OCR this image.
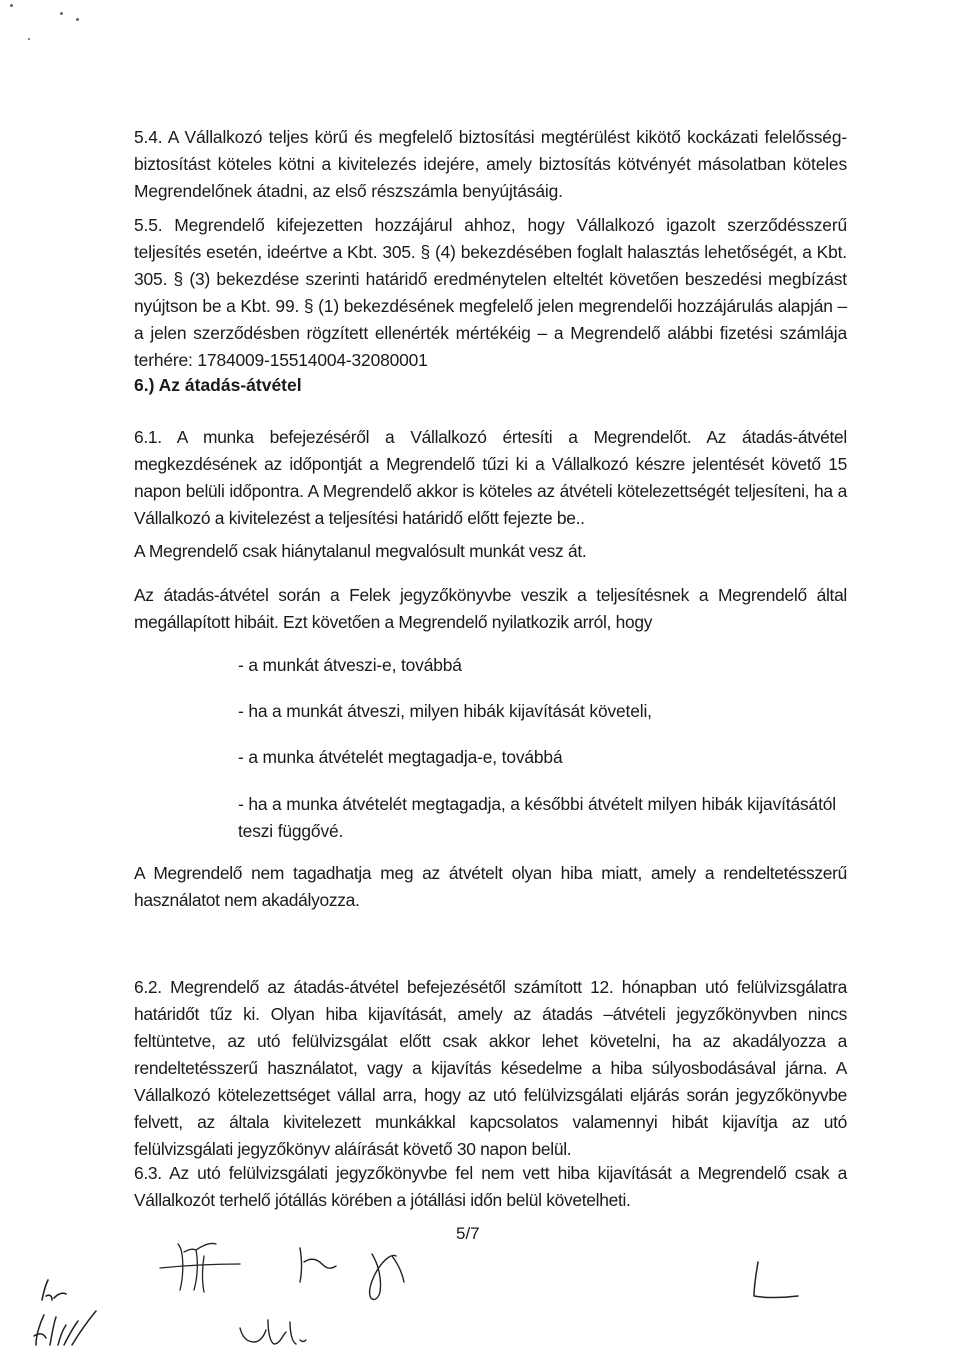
5.4. A Vállalkozó teljes körű és megfelelő biztosítási megtérülést kikötő kockázati felelősség-biztosítást köteles kötni a kivitelezés idejére, amely biztosítás kötvényét másolatban köteles Megrendelőnek átadni, az első részszámla benyújtásáig.
5.5. Megrendelő kifejezetten hozzájárul ahhoz, hogy Vállalkozó igazolt szerződésszerű teljesítés esetén, ideértve a Kbt. 305. § (4) bekezdésében foglalt halasztás lehetőségét, a Kbt. 305. § (3) bekezdése szerinti határidő eredménytelen elteltét követően beszedési megbízást nyújtson be a Kbt. 99. § (1) bekezdésének megfelelő jelen megrendelői hozzájárulás alapján – a jelen szerződésben rögzített ellenérték mértékéig – a Megrendelő alábbi fizetési számlája terhére: 1784009-15514004-32080001
6.) Az átadás-átvétel
6.1. A munka befejezéséről a Vállalkozó értesíti a Megrendelőt. Az átadás-átvétel megkezdésének az időpontját a Megrendelő tűzi ki a Vállalkozó készre jelentését követő 15 napon belüli időpontra. A Megrendelő akkor is köteles az átvételi kötelezettségét teljesíteni, ha a Vállalkozó a kivitelezést a teljesítési határidő előtt fejezte be..
A Megrendelő csak hiánytalanul megvalósult munkát vesz át.
Az átadás-átvétel során a Felek jegyzőkönyvbe veszik a teljesítésnek a Megrendelő által megállapított hibáit. Ezt követően a Megrendelő nyilatkozik arról, hogy
- a munkát átveszi-e, továbbá
- ha a munkát átveszi, milyen hibák kijavítását követeli,
- a munka átvételét megtagadja-e, továbbá
- ha a munka átvételét megtagadja, a későbbi átvételt milyen hibák kijavításától teszi függővé.
A Megrendelő nem tagadhatja meg az átvételt olyan hiba miatt, amely a rendeltetésszerű használatot nem akadályozza.
6.2. Megrendelő az átadás-átvétel befejezésétől számított 12. hónapban utó felülvizsgálatra határidőt tűz ki. Olyan hiba kijavítását, amely az átadás –átvételi jegyzőkönyvben nincs feltüntetve, az utó felülvizsgálat előtt csak akkor lehet követelni, ha az akadályozza a rendeltetésszerű használatot, vagy a kijavítás késedelme a hiba súlyosbodásával járna. A Vállalkozó kötelezettséget vállal arra, hogy az utó felülvizsgálati eljárás során jegyzőkönyvbe felvett, az általa kivitelezett munkákkal kapcsolatos valamennyi hibát kijavítja az utó felülvizsgálati jegyzőkönyv aláírását követő 30 napon belül.
6.3. Az utó felülvizsgálati jegyzőkönyvbe fel nem vett hiba kijavítását a Megrendelő csak a Vállalkozót terhelő jótállás körében a jótállási időn belül követelheti.
5/7
